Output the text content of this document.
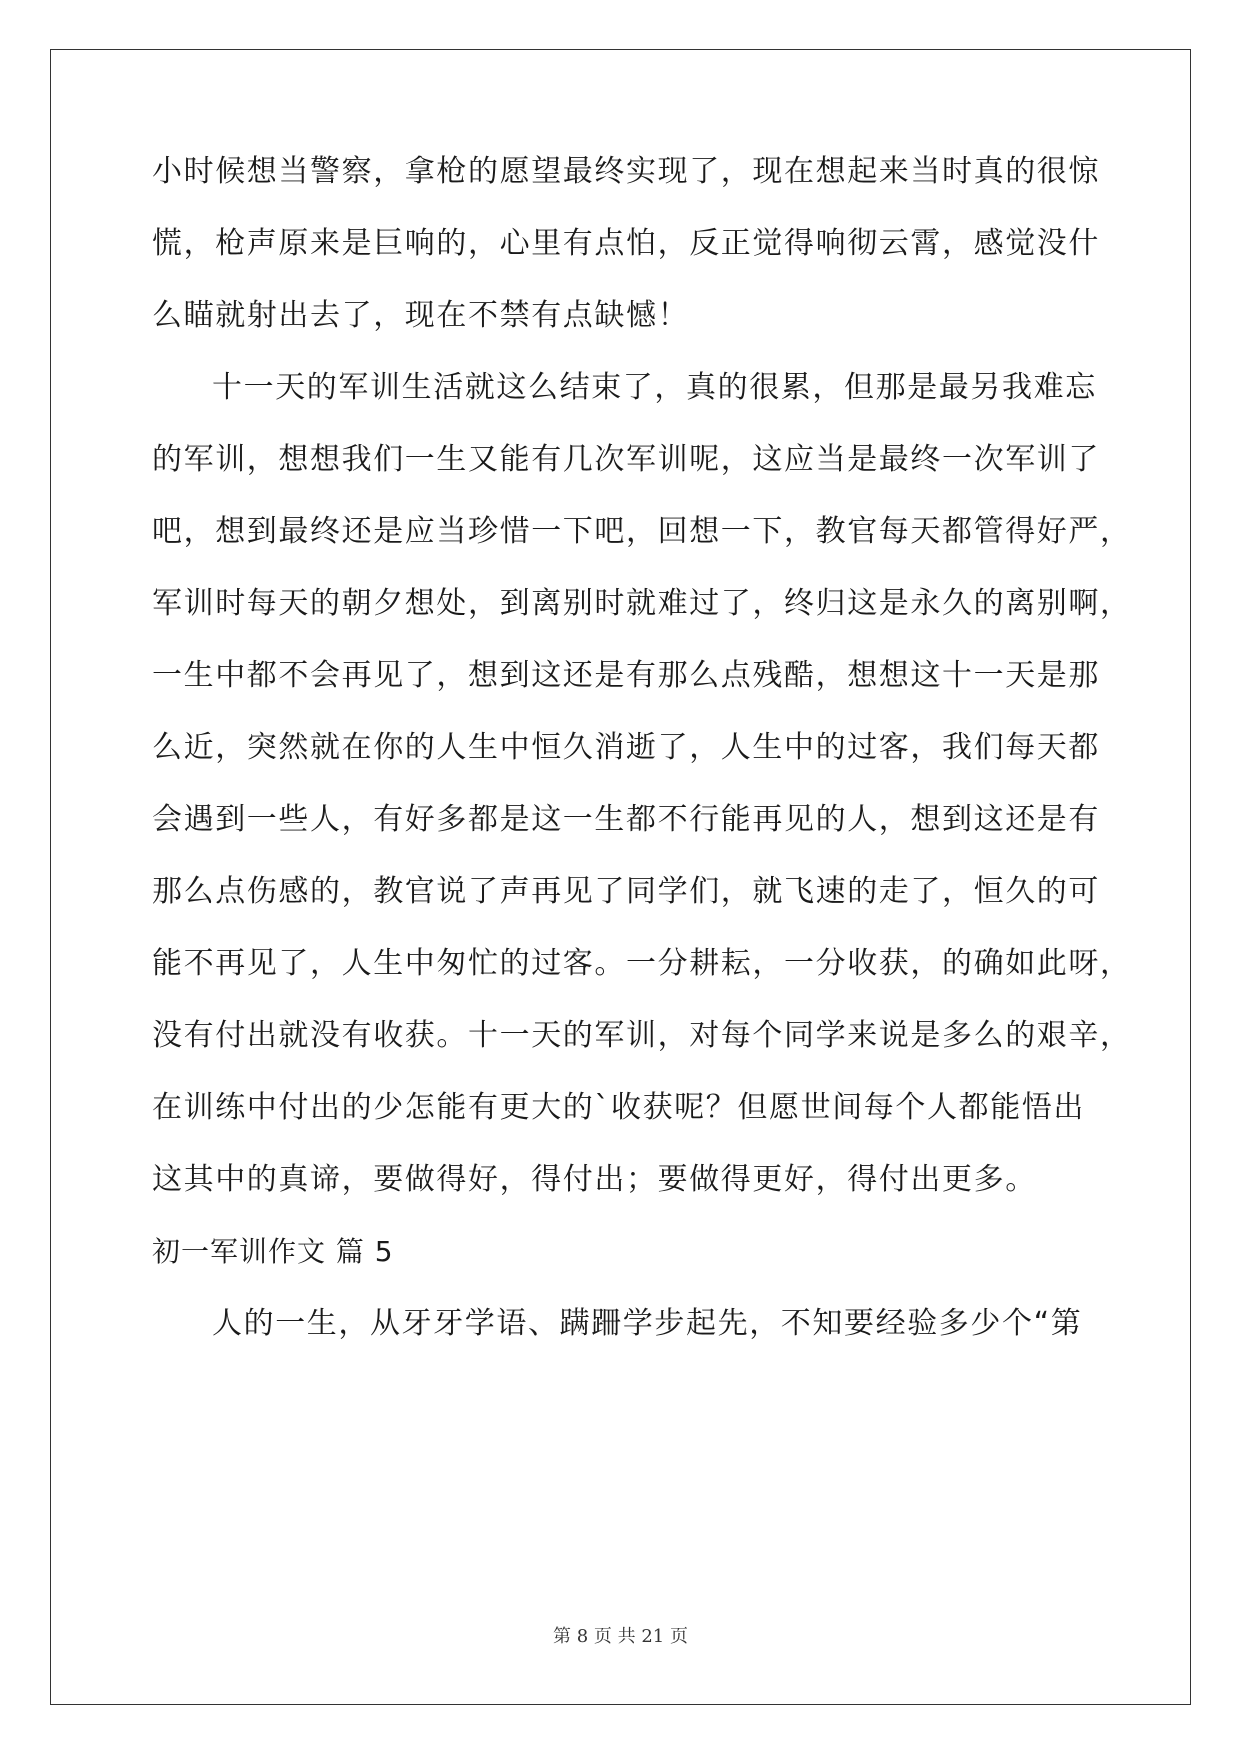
小时候想当警察，拿枪的愿望最终实现了，现在想起来当时真的很惊
慌，枪声原来是巨响的，心里有点怕，反正觉得响彻云霄，感觉没什
么瞄就射出去了，现在不禁有点缺憾！
十一天的军训生活就这么结束了，真的很累，但那是最另我难忘
的军训，想想我们一生又能有几次军训呢，这应当是最终一次军训了
吧，想到最终还是应当珍惜一下吧，回想一下，教官每天都管得好严，
军训时每天的朝夕想处，到离别时就难过了，终归这是永久的离别啊，
一生中都不会再见了，想到这还是有那么点残酷，想想这十一天是那
么近，突然就在你的人生中恒久消逝了，人生中的过客，我们每天都
会遇到一些人，有好多都是这一生都不行能再见的人，想到这还是有
那么点伤感的，教官说了声再见了同学们，就飞速的走了，恒久的可
能不再见了，人生中匆忙的过客。一分耕耘，一分收获，的确如此呀，
没有付出就没有收获。十一天的军训，对每个同学来说是多么的艰辛，
在训练中付出的少怎能有更大的`收获呢？但愿世间每个人都能悟出
这其中的真谛，要做得好，得付出；要做得更好，得付出更多。
初一军训作文 篇 5
人的一生，从牙牙学语、蹒跚学步起先，不知要经验多少个“第
第 8 页 共 21 页
